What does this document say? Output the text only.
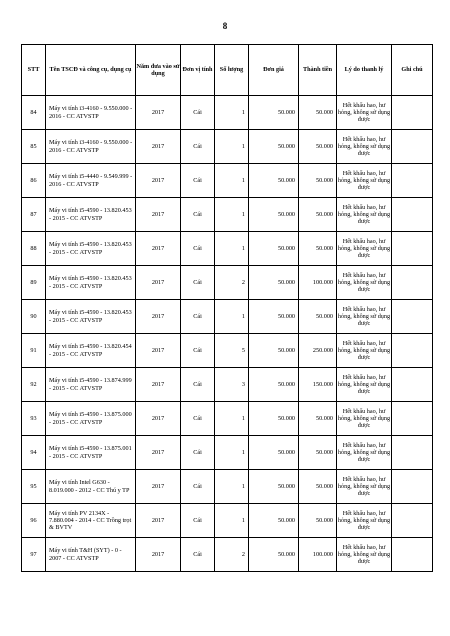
8
STT	Tên TSCĐ và công cụ, dụng cụ	Năm đưa vào sử dụng	Đơn vị tính	Số lượng	Đơn giá	Thành tiền	Lý do thanh lý	Ghi chú
84	Máy vi tính i3-4160 - 9.550.000 - 2016 - CC ATVSTP	2017	Cái	1	50.000	50.000	Hết khấu hao, hư hỏng, không sử dụng được	
85	Máy vi tính i3-4160 - 9.550.000 - 2016 - CC ATVSTP	2017	Cái	1	50.000	50.000	Hết khấu hao, hư hỏng, không sử dụng được	
86	Máy vi tính i5-4440 - 9.549.999 - 2016 - CC ATVSTP	2017	Cái	1	50.000	50.000	Hết khấu hao, hư hỏng, không sử dụng được	
87	Máy vi tính i5-4590 - 13.820.453 - 2015 - CC ATVSTP	2017	Cái	1	50.000	50.000	Hết khấu hao, hư hỏng, không sử dụng được	
88	Máy vi tính i5-4590 - 13.820.453 - 2015 - CC ATVSTP	2017	Cái	1	50.000	50.000	Hết khấu hao, hư hỏng, không sử dụng được	
89	Máy vi tính i5-4590 - 13.820.453 - 2015 - CC ATVSTP	2017	Cái	2	50.000	100.000	Hết khấu hao, hư hỏng, không sử dụng được	
90	Máy vi tính i5-4590 - 13.820.453 - 2015 - CC ATVSTP	2017	Cái	1	50.000	50.000	Hết khấu hao, hư hỏng, không sử dụng được	
91	Máy vi tính i5-4590 - 13.820.454 - 2015 - CC ATVSTP	2017	Cái	5	50.000	250.000	Hết khấu hao, hư hỏng, không sử dụng được	
92	Máy vi tính i5-4590 - 13.874.999 - 2015 - CC ATVSTP	2017	Cái	3	50.000	150.000	Hết khấu hao, hư hỏng, không sử dụng được	
93	Máy vi tính i5-4590 - 13.875.000 - 2015 - CC ATVSTP	2017	Cái	1	50.000	50.000	Hết khấu hao, hư hỏng, không sử dụng được	
94	Máy vi tính i5-4590 - 13.875.001 - 2015 - CC ATVSTP	2017	Cái	1	50.000	50.000	Hết khấu hao, hư hỏng, không sử dụng được	
95	Máy vi tính Intel G630 - 8.019.000 - 2012 - CC Thú y TP	2017	Cái	1	50.000	50.000	Hết khấu hao, hư hỏng, không sử dụng được	
96	Máy vi tính PV 2134X - 7.880.004 - 2014 - CC Trồng trọt & BVTV	2017	Cái	1	50.000	50.000	Hết khấu hao, hư hỏng, không sử dụng được	
97	Máy vi tính T&H (SYT) - 0 - 2007 - CC ATVSTP	2017	Cái	2	50.000	100.000	Hết khấu hao, hư hỏng, không sử dụng được	
